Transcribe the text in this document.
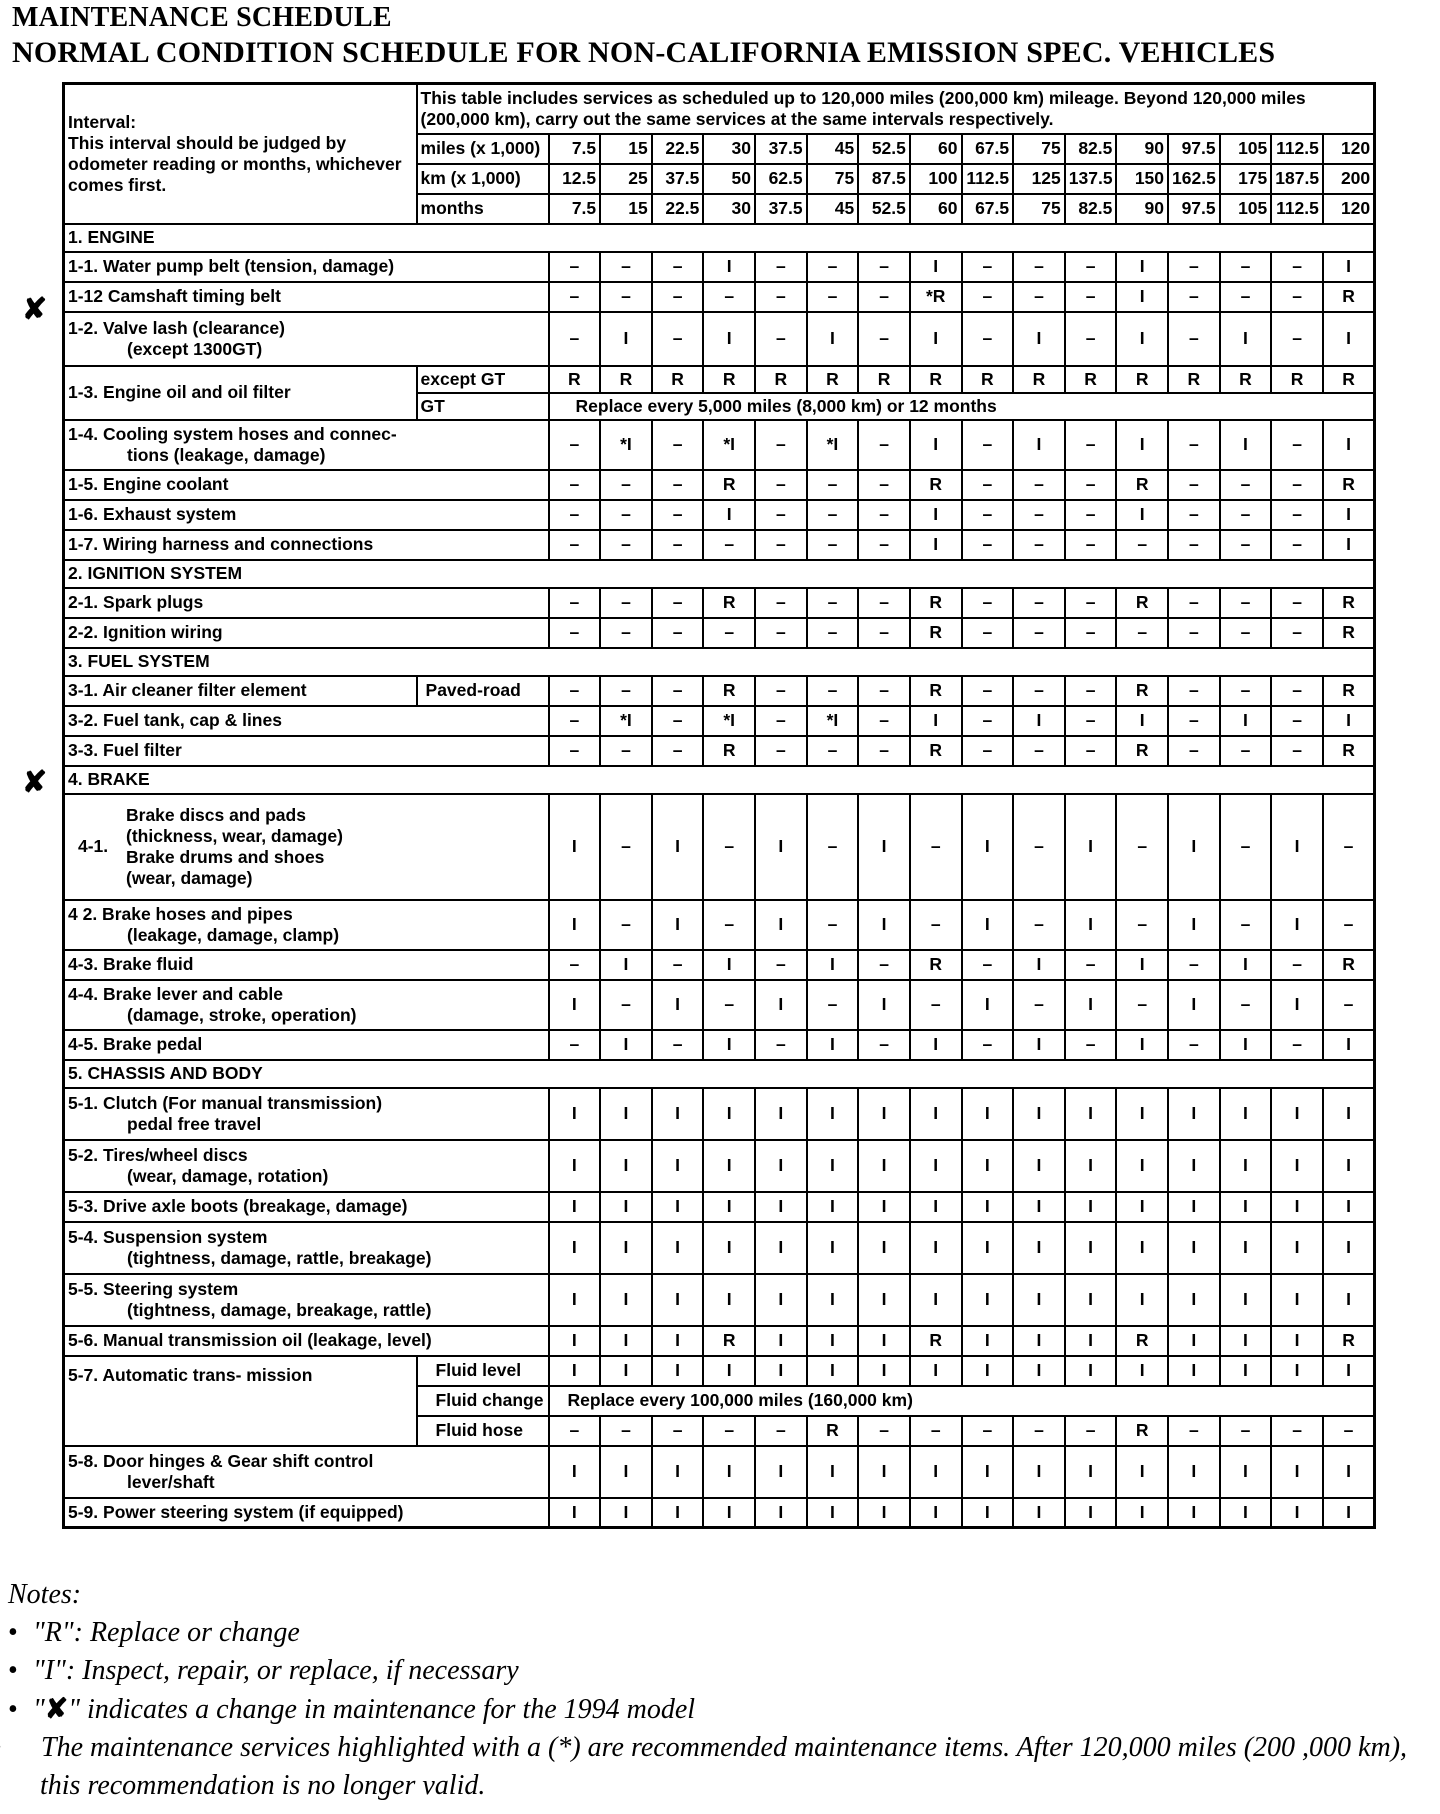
MAINTENANCE SCHEDULE
NORMAL CONDITION SCHEDULE FOR NON-CALIFORNIA EMISSION SPEC. VEHICLES
✘
✘
Interval:
This interval should be judged by odometer reading or months, whichever comes first.	This table includes services as scheduled up to 120,000 miles (200,000 km) mileage. Beyond 120,000 miles (200,000 km), carry out the same services at the same intervals respectively.																
	miles (x 1,000)	7.5	15	22.5	30	37.5	45	52.5	60	67.5	75	82.5	90	97.5	105	112.5	120
	km (x 1,000)	12.5	25	37.5	50	62.5	75	87.5	100	112.5	125	137.5	150	162.5	175	187.5	200
	months	7.5	15	22.5	30	37.5	45	52.5	60	67.5	75	82.5	90	97.5	105	112.5	120
1. ENGINE																	
1-1. Water pump belt (tension, damage)		–	–	–	I	–	–	–	I	–	–	–	I	–	–	–	I
1-12 Camshaft timing belt		–	–	–	–	–	–	–	*R	–	–	–	I	–	–	–	R

1-2. Valve lash (clearance)
(except 1300GT)		–	I	–	I	–	I	–	I	–	I	–	I	–	I	–	I
1-3. Engine oil and oil filter	except GT	R	R	R	R	R	R	R	R	R	R	R	R	R	R	R	R
	GT	Replace every 5,000 miles (8,000 km) or 12 months															

1-4. Cooling system hoses and connec-
tions (leakage, damage)		–	*I	–	*I	–	*I	–	I	–	I	–	I	–	I	–	I
1-5. Engine coolant		–	–	–	R	–	–	–	R	–	–	–	R	–	–	–	R
1-6. Exhaust system		–	–	–	I	–	–	–	I	–	–	–	I	–	–	–	I
1-7. Wiring harness and connections		–	–	–	–	–	–	–	I	–	–	–	–	–	–	–	I
2. IGNITION SYSTEM																	
2-1. Spark plugs		–	–	–	R	–	–	–	R	–	–	–	R	–	–	–	R
2-2. Ignition wiring		–	–	–	–	–	–	–	R	–	–	–	–	–	–	–	R
3. FUEL SYSTEM																	
3-1. Air cleaner filter element	Paved-road	–	–	–	R	–	–	–	R	–	–	–	R	–	–	–	R
3-2. Fuel tank, cap & lines		–	*I	–	*I	–	*I	–	I	–	I	–	I	–	I	–	I
3-3. Fuel filter		–	–	–	R	–	–	–	R	–	–	–	R	–	–	–	R
4. BRAKE																	

4-1.
Brake discs and pads
(thickness, wear, damage)
Brake drums and shoes
(wear, damage)		I	–	I	–	I	–	I	–	I	–	I	–	I	–	I	–

4 2. Brake hoses and pipes
(leakage, damage, clamp)		I	–	I	–	I	–	I	–	I	–	I	–	I	–	I	–
4-3. Brake fluid		–	I	–	I	–	I	–	R	–	I	–	I	–	I	–	R

4-4. Brake lever and cable
(damage, stroke, operation)		I	–	I	–	I	–	I	–	I	–	I	–	I	–	I	–
4-5. Brake pedal		–	I	–	I	–	I	–	I	–	I	–	I	–	I	–	I
5. CHASSIS AND BODY																	

5-1. Clutch (For manual transmission)
pedal free travel		I	I	I	I	I	I	I	I	I	I	I	I	I	I	I	I

5-2. Tires/wheel discs
(wear, damage, rotation)		I	I	I	I	I	I	I	I	I	I	I	I	I	I	I	I
5-3. Drive axle boots (breakage, damage)		I	I	I	I	I	I	I	I	I	I	I	I	I	I	I	I

5-4. Suspension system
(tightness, damage, rattle, breakage)		I	I	I	I	I	I	I	I	I	I	I	I	I	I	I	I

5-5. Steering system
(tightness, damage, breakage, rattle)		I	I	I	I	I	I	I	I	I	I	I	I	I	I	I	I
5-6. Manual transmission oil (leakage, level)		I	I	I	R	I	I	I	R	I	I	I	R	I	I	I	R
5-7. Automatic trans- mission	Fluid level	I	I	I	I	I	I	I	I	I	I	I	I	I	I	I	I
	Fluid change	Replace every 100,000 miles (160,000 km)															
	Fluid hose	–	–	–	–	–	R	–	–	–	–	–	R	–	–	–	–

5-8. Door hinges & Gear shift control
lever/shaft		I	I	I	I	I	I	I	I	I	I	I	I	I	I	I	I
5-9. Power steering system (if equipped)		I	I	I	I	I	I	I	I	I	I	I	I	I	I	I	I

Notes:

• "R": Replace or change

• "I": Inspect, repair, or replace, if necessary

• "✘" indicates a change in maintenance for the 1994 model

The maintenance services highlighted with a (*) are recommended maintenance items. After 120,000 miles (200 ,000 km), this recommendation is no longer valid.
